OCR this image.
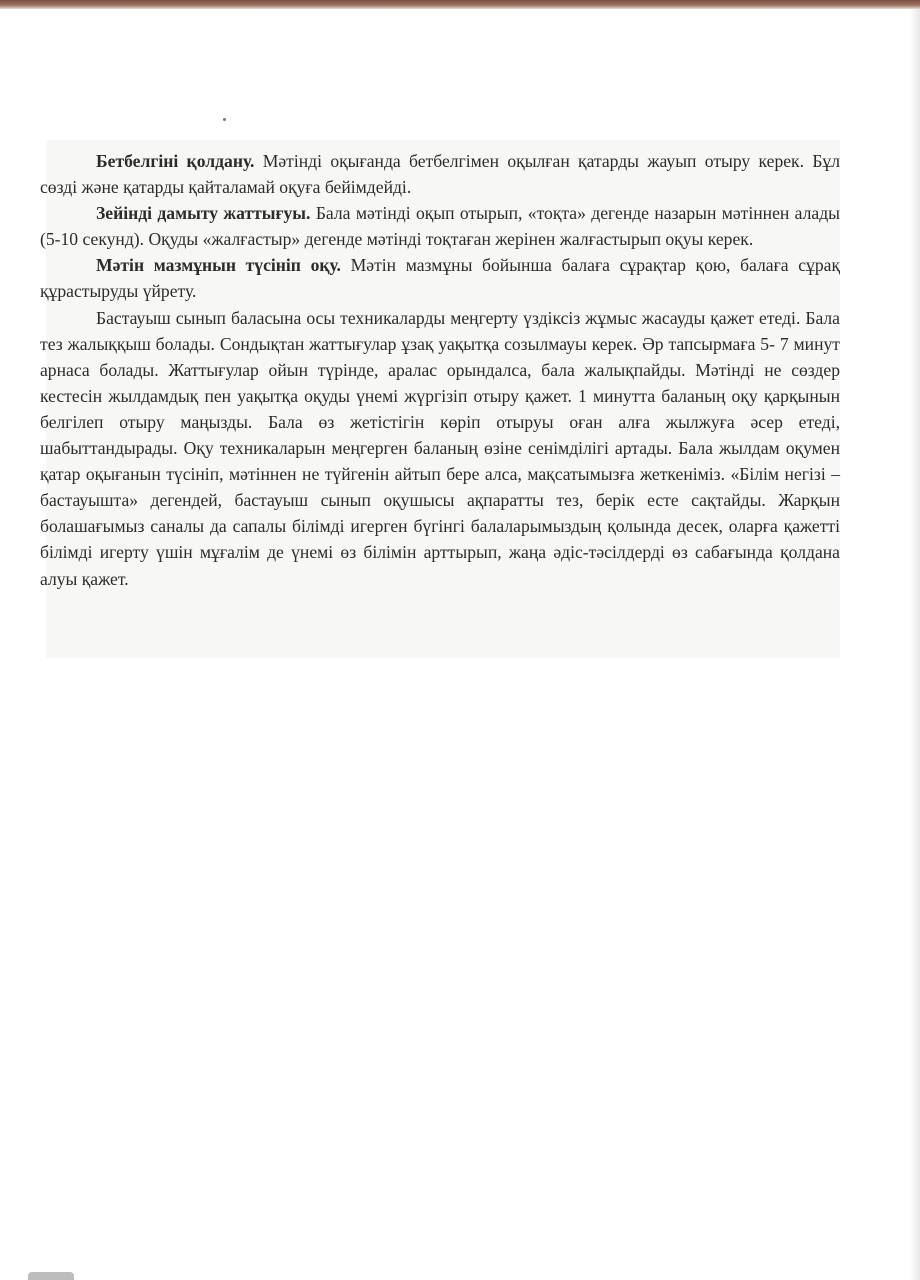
Бетбелгіні қолдану. Мәтінді оқығанда бетбелгімен оқылған қатарды жауып отыру керек. Бұл сөзді және қатарды қайталамай оқуға бейімдейді.

Зейінді дамыту жаттығуы. Бала мәтінді оқып отырып, «тоқта» дегенде назарын мәтіннен алады (5-10 секунд). Оқуды «жалғастыр» дегенде мәтінді тоқтаған жерінен жалғастырып оқуы керек.

Мәтін мазмұнын түсініп оқу. Мәтін мазмұны бойынша балаға сұрақтар қою, балаға сұрақ құрастыруды үйрету.

Бастауыш сынып баласына осы техникаларды меңгерту үздіксіз жұмыс жасауды қажет етеді. Бала тез жалыққыш болады. Сондықтан жаттығулар ұзақ уақытқа созылмауы керек. Әр тапсырмаға 5- 7 минут арнаса болады. Жаттығулар ойын түрінде, аралас орындалса, бала жалықпайды. Мәтінді не сөздер кестесін жылдамдық пен уақытқа оқуды үнемі жүргізіп отыру қажет. 1 минутта баланың оқу қарқынын белгілеп отыру маңызды. Бала өз жетістігін көріп отыруы оған алға жылжуға әсер етеді, шабыттандырады. Оқу техникаларын меңгерген баланың өзіне сенімділігі артады. Бала жылдам оқумен қатар оқығанын түсініп, мәтіннен не түйгенін айтып бере алса, мақсатымызға жеткеніміз. «Білім негізі –бастауышта» дегендей, бастауыш сынып оқушысы ақпаратты тез, берік есте сақтайды. Жарқын болашағымыз саналы да сапалы білімді игерген бүгінгі балаларымыздың қолында десек, оларға қажетті білімді игерту үшін мұғалім де үнемі өз білімін арттырып, жаңа әдіс-тәсілдерді өз сабағында қолдана алуы қажет.
